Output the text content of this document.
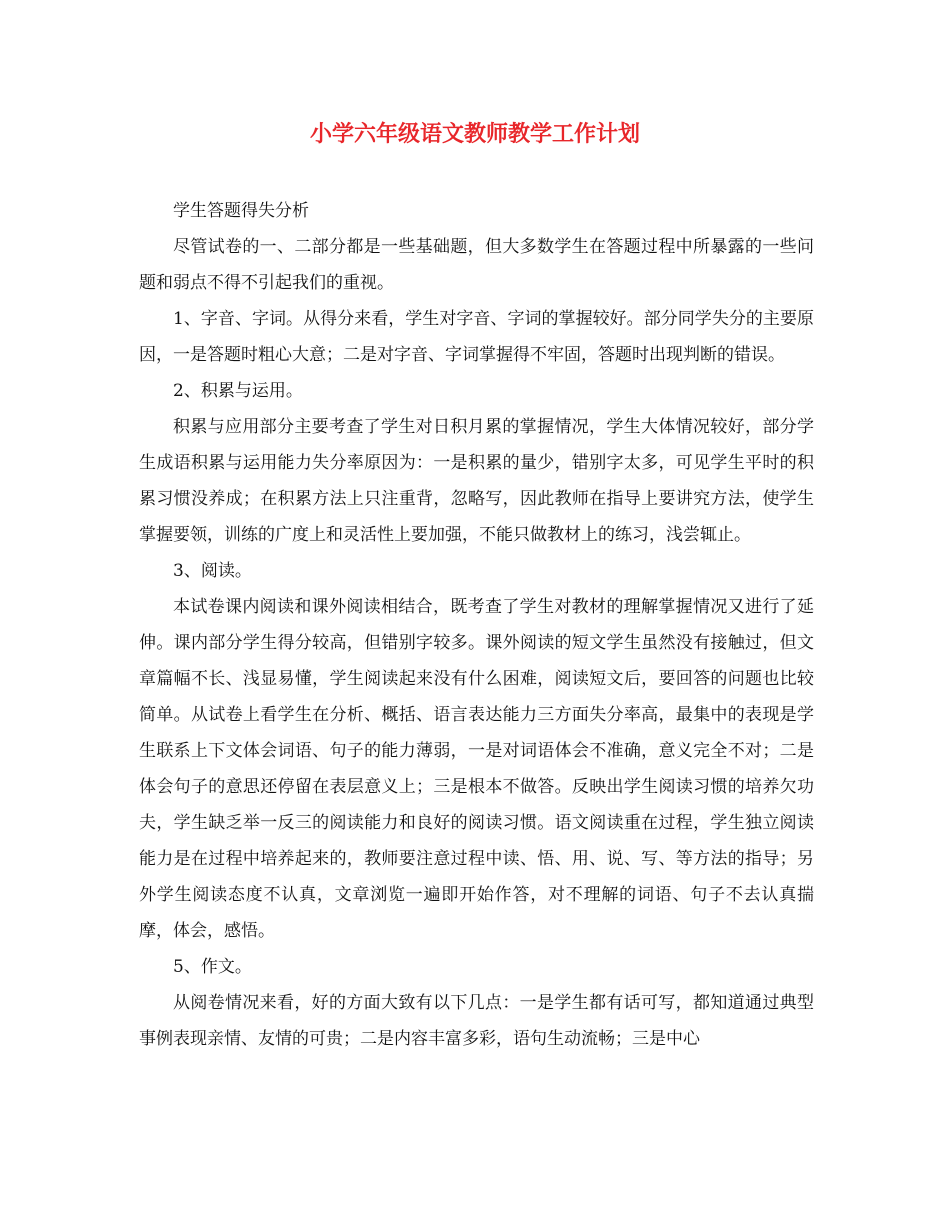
小学六年级语文教师教学工作计划

学生答题得失分析

尽管试卷的一、二部分都是一些基础题，但大多数学生在答题过程中所暴露的一些问题和弱点不得不引起我们的重视。

1、字音、字词。从得分来看，学生对字音、字词的掌握较好。部分同学失分的主要原因，一是答题时粗心大意；二是对字音、字词掌握得不牢固，答题时出现判断的错误。

2、积累与运用。

积累与应用部分主要考查了学生对日积月累的掌握情况，学生大体情况较好，部分学生成语积累与运用能力失分率原因为：一是积累的量少，错别字太多，可见学生平时的积累习惯没养成；在积累方法上只注重背，忽略写，因此教师在指导上要讲究方法，使学生掌握要领，训练的广度上和灵活性上要加强，不能只做教材上的练习，浅尝辄止。

3、阅读。

本试卷课内阅读和课外阅读相结合，既考查了学生对教材的理解掌握情况又进行了延伸。课内部分学生得分较高，但错别字较多。课外阅读的短文学生虽然没有接触过，但文章篇幅不长、浅显易懂，学生阅读起来没有什么困难，阅读短文后，要回答的问题也比较简单。从试卷上看学生在分析、概括、语言表达能力三方面失分率高，最集中的表现是学生联系上下文体会词语、句子的能力薄弱，一是对词语体会不准确，意义完全不对；二是体会句子的意思还停留在表层意义上；三是根本不做答。反映出学生阅读习惯的培养欠功夫，学生缺乏举一反三的阅读能力和良好的阅读习惯。语文阅读重在过程，学生独立阅读能力是在过程中培养起来的，教师要注意过程中读、悟、用、说、写、等方法的指导；另外学生阅读态度不认真，文章浏览一遍即开始作答，对不理解的词语、句子不去认真揣摩，体会，感悟。

5、作文。

从阅卷情况来看，好的方面大致有以下几点：一是学生都有话可写，都知道通过典型事例表现亲情、友情的可贵；二是内容丰富多彩，语句生动流畅；三是中心
